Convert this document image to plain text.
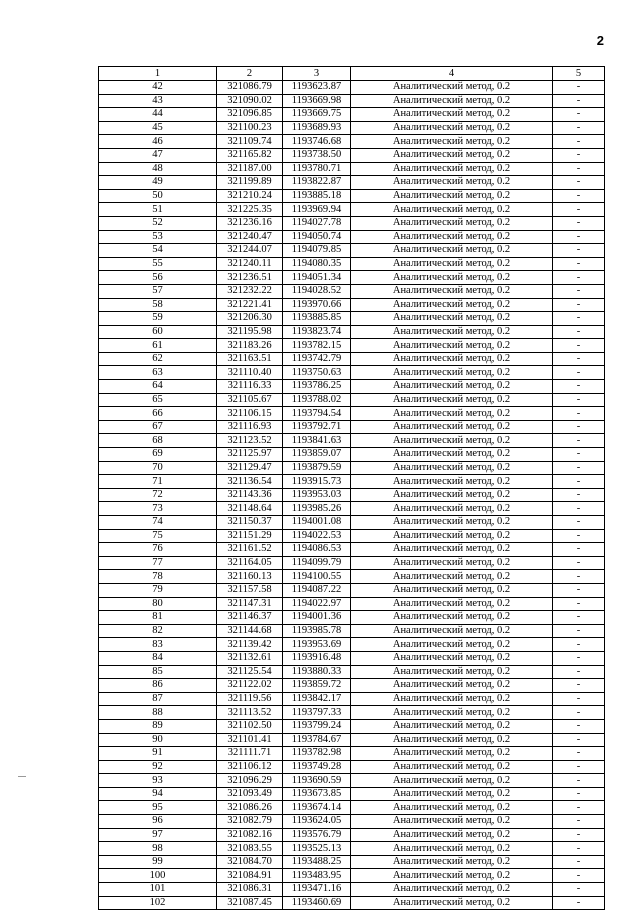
2
1	2	3	4	5
42	321086.79	1193623.87	Аналитический метод, 0.2	-
43	321090.02	1193669.98	Аналитический метод, 0.2	-
44	321096.85	1193669.75	Аналитический метод, 0.2	-
45	321100.23	1193689.93	Аналитический метод, 0.2	-
46	321109.74	1193746.68	Аналитический метод, 0.2	-
47	321165.82	1193738.50	Аналитический метод, 0.2	-
48	321187.00	1193780.71	Аналитический метод, 0.2	-
49	321199.89	1193822.87	Аналитический метод, 0.2	-
50	321210.24	1193885.18	Аналитический метод, 0.2	-
51	321225.35	1193969.94	Аналитический метод, 0.2	-
52	321236.16	1194027.78	Аналитический метод, 0.2	-
53	321240.47	1194050.74	Аналитический метод, 0.2	-
54	321244.07	1194079.85	Аналитический метод, 0.2	-
55	321240.11	1194080.35	Аналитический метод, 0.2	-
56	321236.51	1194051.34	Аналитический метод, 0.2	-
57	321232.22	1194028.52	Аналитический метод, 0.2	-
58	321221.41	1193970.66	Аналитический метод, 0.2	-
59	321206.30	1193885.85	Аналитический метод, 0.2	-
60	321195.98	1193823.74	Аналитический метод, 0.2	-
61	321183.26	1193782.15	Аналитический метод, 0.2	-
62	321163.51	1193742.79	Аналитический метод, 0.2	-
63	321110.40	1193750.63	Аналитический метод, 0.2	-
64	321116.33	1193786.25	Аналитический метод, 0.2	-
65	321105.67	1193788.02	Аналитический метод, 0.2	-
66	321106.15	1193794.54	Аналитический метод, 0.2	-
67	321116.93	1193792.71	Аналитический метод, 0.2	-
68	321123.52	1193841.63	Аналитический метод, 0.2	-
69	321125.97	1193859.07	Аналитический метод, 0.2	-
70	321129.47	1193879.59	Аналитический метод, 0.2	-
71	321136.54	1193915.73	Аналитический метод, 0.2	-
72	321143.36	1193953.03	Аналитический метод, 0.2	-
73	321148.64	1193985.26	Аналитический метод, 0.2	-
74	321150.37	1194001.08	Аналитический метод, 0.2	-
75	321151.29	1194022.53	Аналитический метод, 0.2	-
76	321161.52	1194086.53	Аналитический метод, 0.2	-
77	321164.05	1194099.79	Аналитический метод, 0.2	-
78	321160.13	1194100.55	Аналитический метод, 0.2	-
79	321157.58	1194087.22	Аналитический метод, 0.2	-
80	321147.31	1194022.97	Аналитический метод, 0.2	-
81	321146.37	1194001.36	Аналитический метод, 0.2	-
82	321144.68	1193985.78	Аналитический метод, 0.2	-
83	321139.42	1193953.69	Аналитический метод, 0.2	-
84	321132.61	1193916.48	Аналитический метод, 0.2	-
85	321125.54	1193880.33	Аналитический метод, 0.2	-
86	321122.02	1193859.72	Аналитический метод, 0.2	-
87	321119.56	1193842.17	Аналитический метод, 0.2	-
88	321113.52	1193797.33	Аналитический метод, 0.2	-
89	321102.50	1193799.24	Аналитический метод, 0.2	-
90	321101.41	1193784.67	Аналитический метод, 0.2	-
91	321111.71	1193782.98	Аналитический метод, 0.2	-
92	321106.12	1193749.28	Аналитический метод, 0.2	-
93	321096.29	1193690.59	Аналитический метод, 0.2	-
94	321093.49	1193673.85	Аналитический метод, 0.2	-
95	321086.26	1193674.14	Аналитический метод, 0.2	-
96	321082.79	1193624.05	Аналитический метод, 0.2	-
97	321082.16	1193576.79	Аналитический метод, 0.2	-
98	321083.55	1193525.13	Аналитический метод, 0.2	-
99	321084.70	1193488.25	Аналитический метод, 0.2	-
100	321084.91	1193483.95	Аналитический метод, 0.2	-
101	321086.31	1193471.16	Аналитический метод, 0.2	-
102	321087.45	1193460.69	Аналитический метод, 0.2	-
